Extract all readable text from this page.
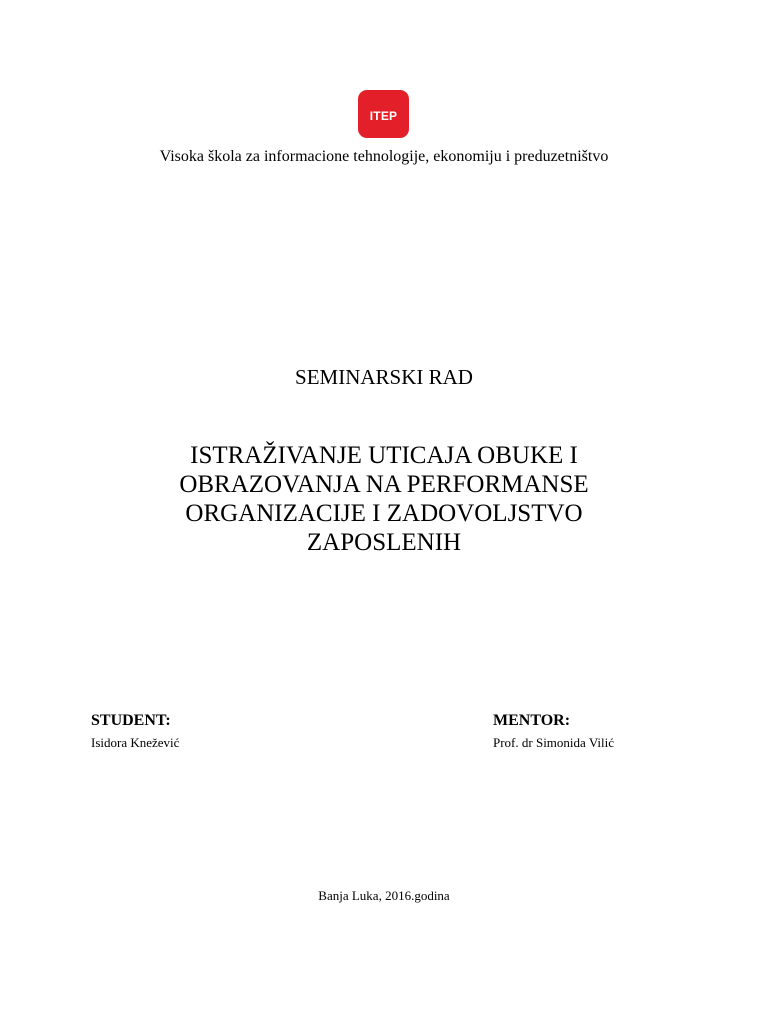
ITEP
Visoka škola za informacione tehnologije, ekonomiju i preduzetništvo
SEMINARSKI RAD
ISTRAŽIVANJE UTICAJA OBUKE I
OBRAZOVANJA NA PERFORMANSE
ORGANIZACIJE I ZADOVOLJSTVO
ZAPOSLENIH
STUDENT:
Isidora Knežević
MENTOR:
Prof. dr Simonida Vilić
Banja Luka, 2016.godina
